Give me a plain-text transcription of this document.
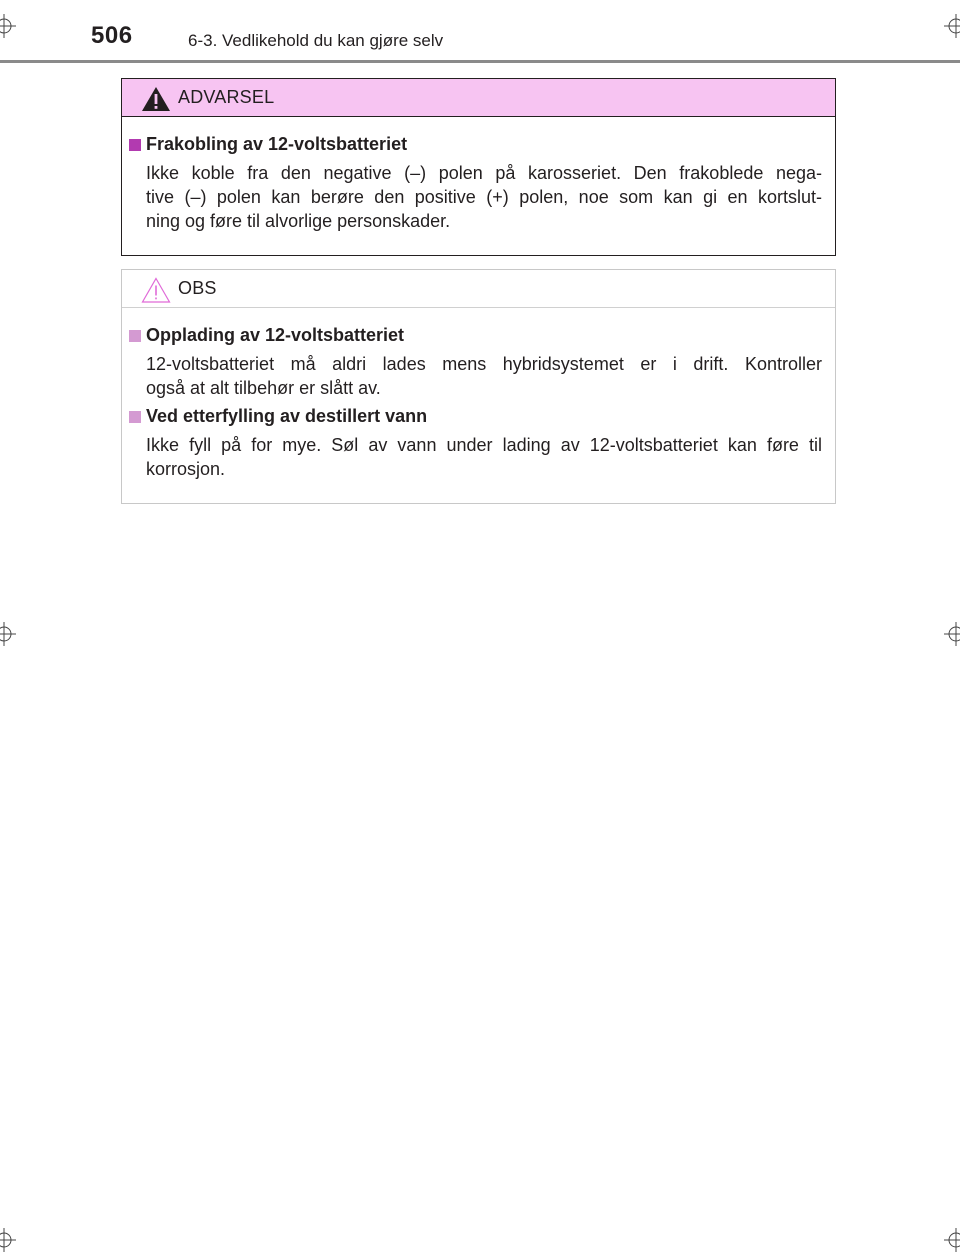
506	6-3. Vedlikehold du kan gjøre selv
ADVARSEL
Frakobling av 12-voltsbatteriet
Ikke koble fra den negative (–) polen på karosseriet. Den frakoblede nega-
tive (–) polen kan berøre den positive (+) polen, noe som kan gi en kortslut-
ning og føre til alvorlige personskader.
OBS
Opplading av 12-voltsbatteriet
12-voltsbatteriet må aldri lades mens hybridsystemet er i drift. Kontroller
også at alt tilbehør er slått av.
Ved etterfylling av destillert vann
Ikke fyll på for mye. Søl av vann under lading av 12-voltsbatteriet kan føre til
korrosjon.
